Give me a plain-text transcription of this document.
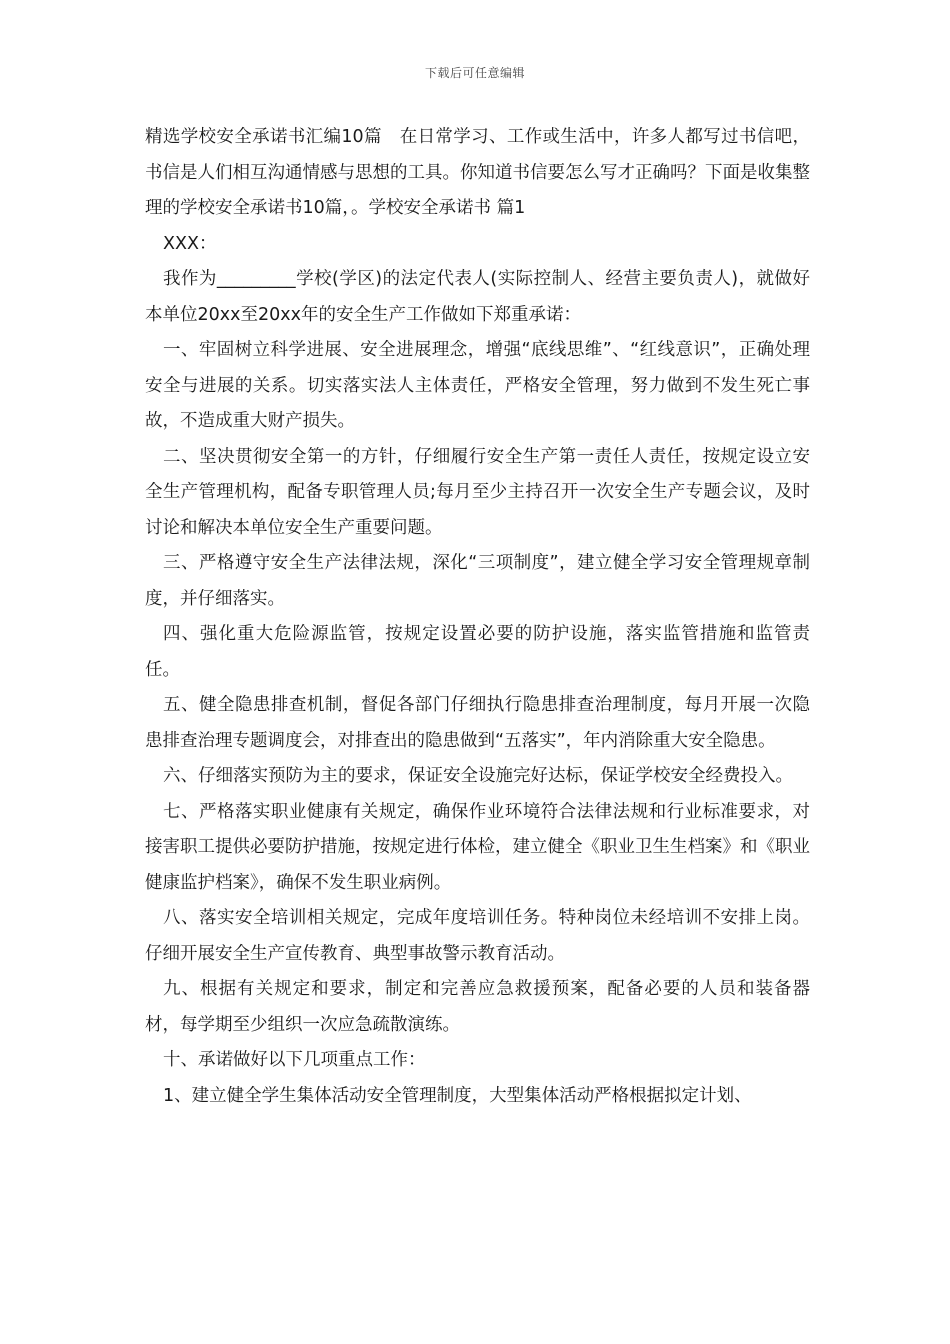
下载后可任意编辑

精选学校安全承诺书汇编10篇　在日常学习、工作或生活中，许多人都写过书信吧，书信是人们相互沟通情感与思想的工具。你知道书信要怎么写才正确吗？下面是收集整理的学校安全承诺书10篇，。学校安全承诺书 篇1

XXX：

我作为_________学校(学区)的法定代表人(实际控制人、经营主要负责人)，就做好本单位20xx至20xx年的安全生产工作做如下郑重承诺：

一、牢固树立科学进展、安全进展理念，增强“底线思维”、“红线意识”，正确处理安全与进展的关系。切实落实法人主体责任，严格安全管理，努力做到不发生死亡事故，不造成重大财产损失。

二、坚决贯彻安全第一的方针，仔细履行安全生产第一责任人责任，按规定设立安全生产管理机构，配备专职管理人员;每月至少主持召开一次安全生产专题会议，及时讨论和解决本单位安全生产重要问题。

三、严格遵守安全生产法律法规，深化“三项制度”，建立健全学习安全管理规章制度，并仔细落实。

四、强化重大危险源监管，按规定设置必要的防护设施，落实监管措施和监管责任。

五、健全隐患排查机制，督促各部门仔细执行隐患排查治理制度，每月开展一次隐患排查治理专题调度会，对排查出的隐患做到“五落实”，年内消除重大安全隐患。

六、仔细落实预防为主的要求，保证安全设施完好达标，保证学校安全经费投入。

七、严格落实职业健康有关规定，确保作业环境符合法律法规和行业标准要求，对接害职工提供必要防护措施，按规定进行体检，建立健全《职业卫生生档案》和《职业健康监护档案》，确保不发生职业病例。

八、落实安全培训相关规定，完成年度培训任务。特种岗位未经培训不安排上岗。仔细开展安全生产宣传教育、典型事故警示教育活动。

九、根据有关规定和要求，制定和完善应急救援预案，配备必要的人员和装备器材，每学期至少组织一次应急疏散演练。

十、承诺做好以下几项重点工作：

1、建立健全学生集体活动安全管理制度，大型集体活动严格根据拟定计划、
